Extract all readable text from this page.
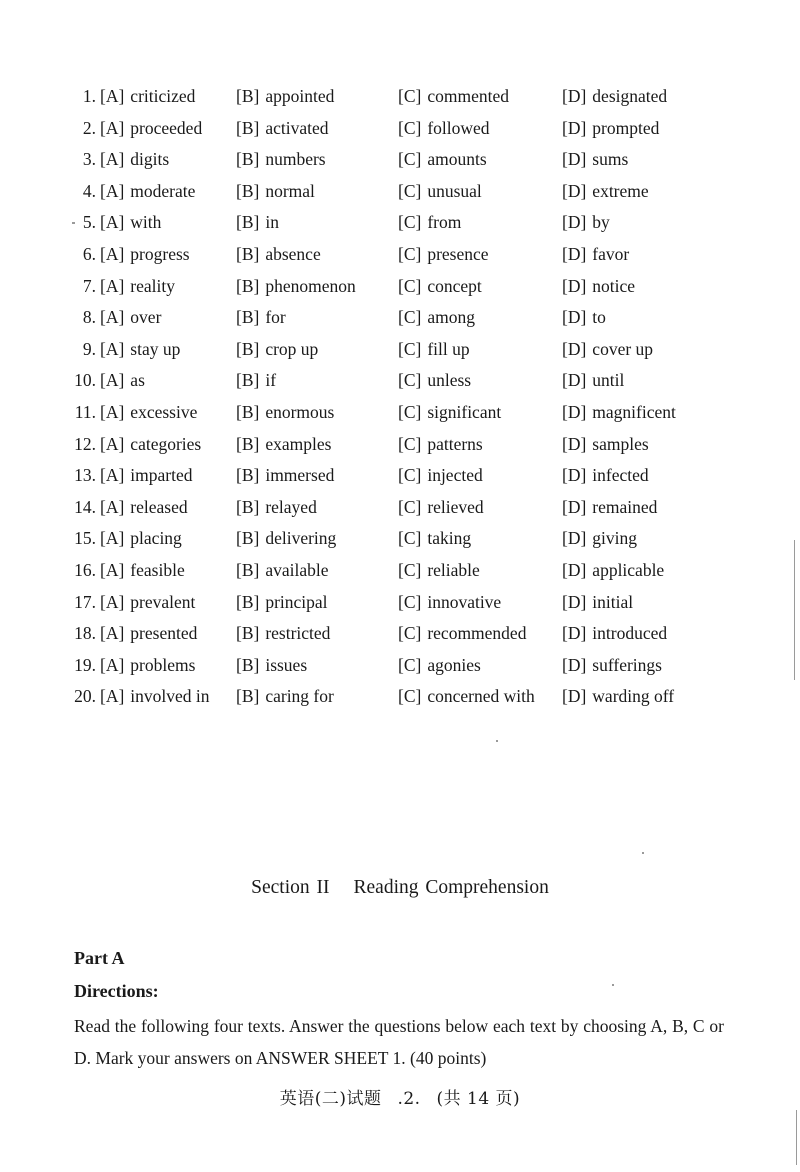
1. [A] criticized [B] appointed	[C] commented	[D] designated
2. [A] proceeded [B] activated	[C] followed	[D] prompted
3. [A] digits	[B] numbers	[C] amounts	[D] sums
4. [A] moderate [B] normal	[C] unusual	[D] extreme
5. [A] with	[B] in	[C] from	[D] by
6. [A] progress	[B] absence	[C] presence	[D] favor
7. [A] reality	[B] phenomenon [C] concept	[D] notice
8. [A] over	[B] for	[C] among	[D] to
9. [A] stay up	[B] crop up	[C] fill up	[D] cover up
10. [A] as	[B] if	[C] unless	[D] until
11. [A] excessive [B] enormous	[C] significant	[D] magnificent
12. [A] categories [B] examples	[C] patterns	[D] samples
13. [A] imparted [B] immersed	[C] injected	[D] infected
14. [A] released	[B] relayed	[C] relieved	[D] remained
15. [A] placing	[B] delivering	[C] taking	[D] giving
16. [A] feasible	[B] available	[C] reliable	[D] applicable
17. [A] prevalent [B] principal	[C] innovative	[D] initial
18. [A] presented [B] restricted	[C] recommended [D] introduced
19. [A] problems [B] issues	[C] agonies	[D] sufferings
20. [A] involved in [B] caring for	[C] concerned with [D] warding off
Section II Reading Comprehension
Part A
Directions:
Read the following four texts. Answer the questions below each text by choosing A, B, C or D. Mark your answers on ANSWER SHEET 1. (40 points)
英语(二)试题 .2. (共 14 页)
